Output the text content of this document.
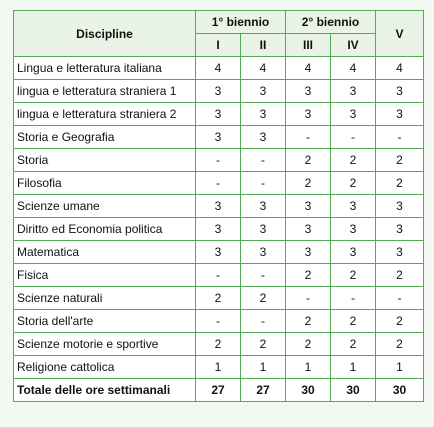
Discipline	1° biennio		2° biennio		V
	I	II	III	IV	
Lingua e letteratura italiana	4	4	4	4	4
lingua e letteratura straniera 1	3	3	3	3	3
lingua e letteratura straniera 2	3	3	3	3	3
Storia e Geografia	3	3	-	-	-
Storia	-	-	2	2	2
Filosofia	-	-	2	2	2
Scienze umane	3	3	3	3	3
Diritto ed Economia politica	3	3	3	3	3
Matematica	3	3	3	3	3
Fisica	-	-	2	2	2
Scienze naturali	2	2	-	-	-
Storia dell'arte	-	-	2	2	2
Scienze motorie e sportive	2	2	2	2	2
Religione cattolica	1	1	1	1	1
Totale delle ore settimanali	27	27	30	30	30
